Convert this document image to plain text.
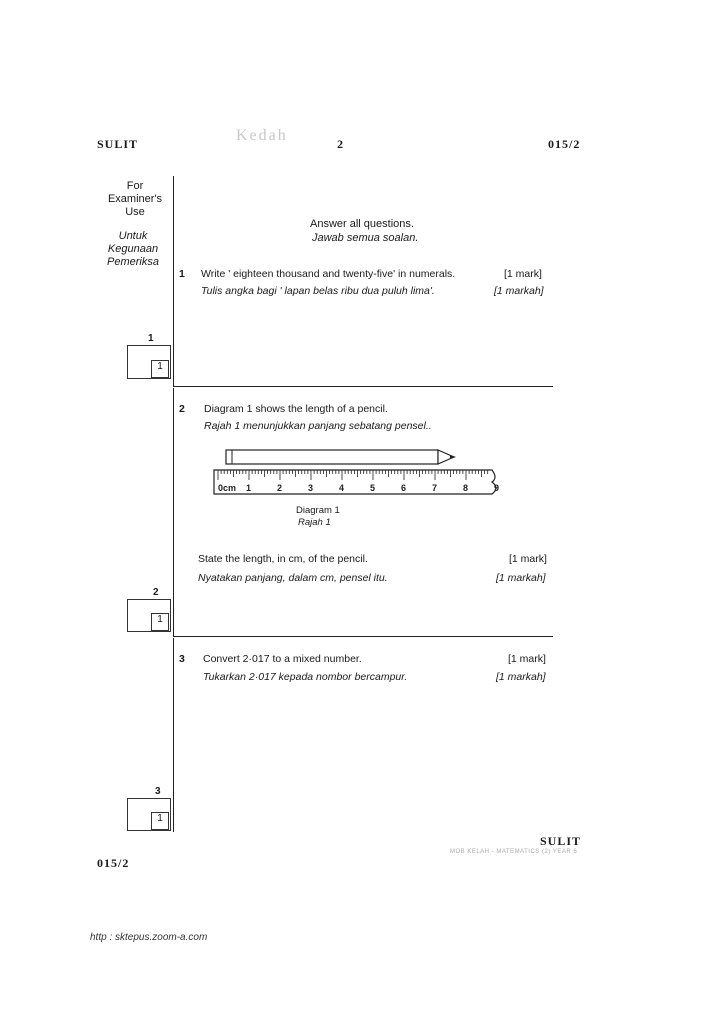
SULIT	Kedah	2	015/2
For
Examiner's
Use
Untuk
Kegunaan
Pemeriksa
Answer all questions.
Jawab semua soalan.
1 Write ' eighteen thousand and twenty-five' in numerals.
Tulis angka bagi ' lapan belas ribu dua puluh lima'.
[1 mark]
[1 markah]
1
1
2 Diagram 1 shows the length of a pencil.
Rajah 1 menunjukkan panjang sebatang pensel..
0cm 1	2	3	4	5	6	7	8	9
Diagram 1
Rajah 1
State the length, in cm, of the pencil.
Nyatakan panjang, dalam cm, pensel itu.
[1 mark]
[1 markah]
2
1
3 Convert 2·017 to a mixed number.
Tukarkan 2·017 kepada nombor bercampur.
[1 mark]
[1 markah]
3
1
SULIT
MOB KELAH - MATEMATICS (2) YEAR 6
015/2
http : sktepus.zoom-a.com
